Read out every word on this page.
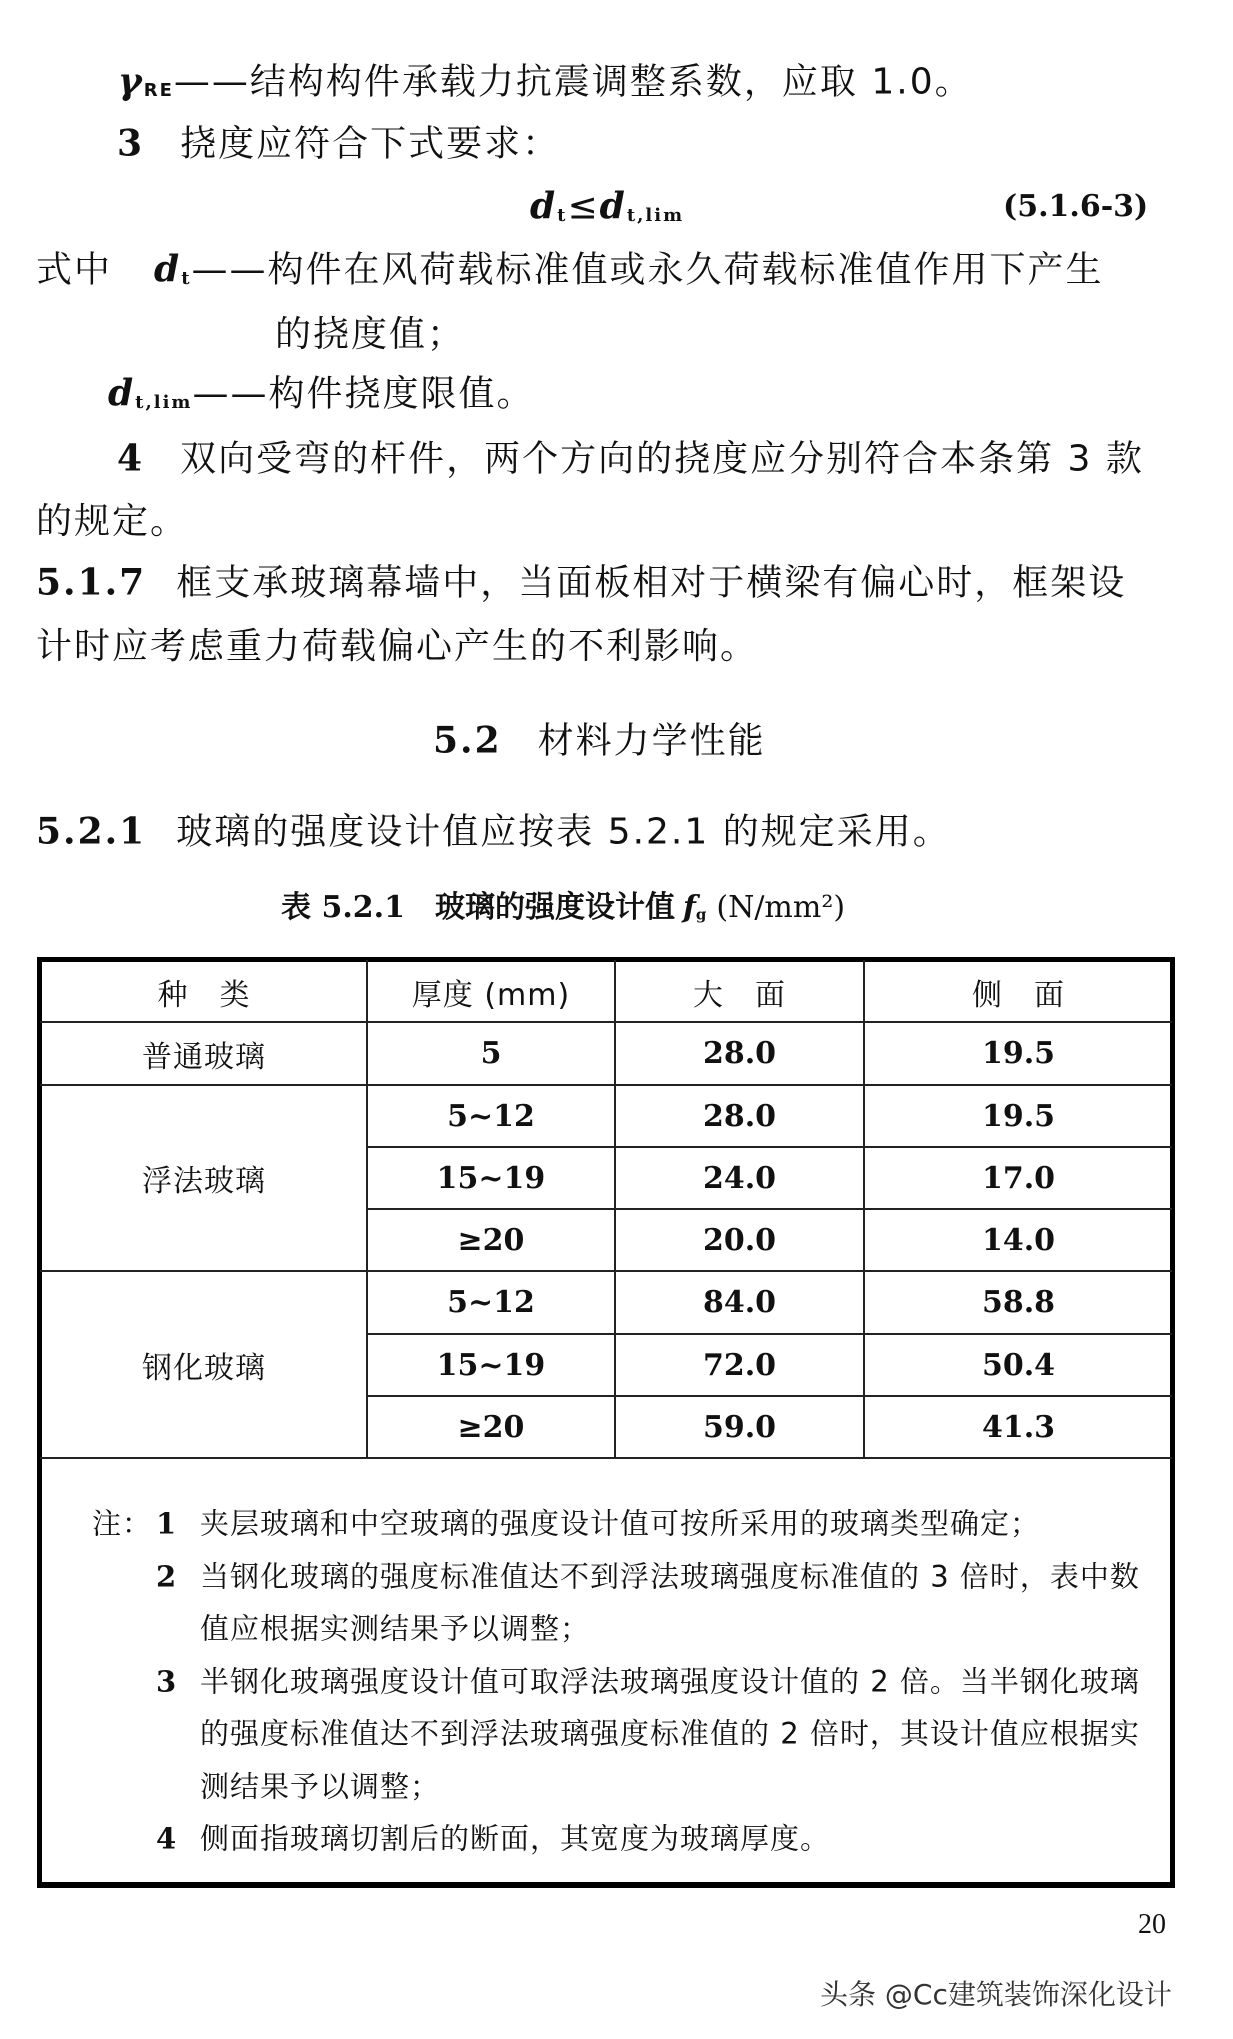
γRE——结构构件承载力抗震调整系数，应取 1.0。
3 挠度应符合下式要求：
dt≤dt,lim	(5.1.6-3)
式中 dt——构件在风荷载标准值或永久荷载标准值作用下产生
的挠度值；
dt,lim——构件挠度限值。
4 双向受弯的杆件，两个方向的挠度应分别符合本条第 3 款
的规定。
5.1.7 框支承玻璃幕墙中，当面板相对于横梁有偏心时，框架设
计时应考虑重力荷载偏心产生的不利影响。
5.2 材料力学性能
5.2.1 玻璃的强度设计值应按表 5.2.1 的规定采用。
表 5.2.1 玻璃的强度设计值 fg (N/mm²)
种　类	厚度 (mm)	大　面	侧　面
普通玻璃	5	28.0	19.5
浮法玻璃
5~12	28.0	19.5
15~19	24.0	17.0
≥20	20.0	14.0
钢化玻璃
5~12	84.0	58.8
15~19	72.0	50.4
≥20	59.0	41.3
注： 1 夹层玻璃和中空玻璃的强度设计值可按所采用的玻璃类型确定；
2 当钢化玻璃的强度标准值达不到浮法玻璃强度标准值的 3 倍时，表中数
值应根据实测结果予以调整；
3 半钢化玻璃强度设计值可取浮法玻璃强度设计值的 2 倍。当半钢化玻璃
的强度标准值达不到浮法玻璃强度标准值的 2 倍时，其设计值应根据实
测结果予以调整；
4 侧面指玻璃切割后的断面，其宽度为玻璃厚度。
20
头条 @Cc建筑装饰深化设计
